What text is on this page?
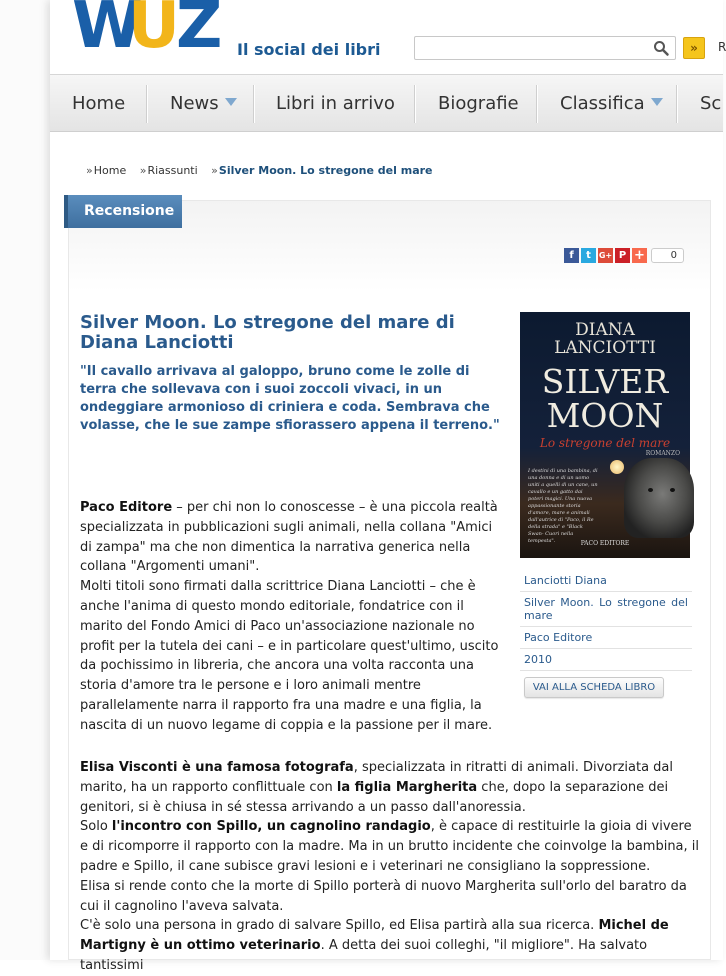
W
U
Z Il social dei libri	»	R
Home News	Libri in arrivo Biografie Classifica	Sc
»Home »Riassunti »Silver Moon. Lo stregone del mare
Recensione
f t G+ P +	0
Silver Moon. Lo stregone del mare di Diana Lanciotti

"Il cavallo arrivava al galoppo, bruno come le zolle di terra che sollevava con i suoi zoccoli vivaci, in un ondeggiare armonioso di criniera e coda. Sembrava che volasse, che le sue zampe sfiorassero appena il terreno."

DIANA
LANCIOTTI
SILVER
MOON
Lo stregone del mare
ROMANZO
I destini di una bambina, di una donna e di un uomo uniti a quelli di un cane, un cavallo e un gatto dai poteri magici. Una nuova appassionante storia d'amore, mare e animali dall'autrice di "Paco, il Re della strada" e "Black Swan- Cuori nella tempesta".	PACO EDITORE
Lanciotti Diana
Silver Moon. Lo stregone del mare
Paco Editore
2010
VAI ALLA SCHEDA LIBRO

Paco Editore – per chi non lo conoscesse – è una piccola realtà specializzata in pubblicazioni sugli animali, nella collana "Amici di zampa" ma che non dimentica la narrativa generica nella collana "Argomenti umani".

Molti titoli sono firmati dalla scrittrice Diana Lanciotti – che è anche l'anima di questo mondo editoriale, fondatrice con il marito del Fondo Amici di Paco un'associazione nazionale no profit per la tutela dei cani – e in particolare quest'ultimo, uscito da pochissimo in libreria, che ancora una volta racconta una storia d'amore tra le persone e i loro animali mentre parallelamente narra il rapporto fra una madre e una figlia, la nascita di un nuovo legame di coppia e la passione per il mare.

Elisa Visconti è una famosa fotografa, specializzata in ritratti di animali. Divorziata dal marito, ha un rapporto conflittuale con la figlia Margherita che, dopo la separazione dei genitori, si è chiusa in sé stessa arrivando a un passo dall'anoressia.

Solo l'incontro con Spillo, un cagnolino randagio, è capace di restituirle la gioia di vivere e di ricomporre il rapporto con la madre. Ma in un brutto incidente che coinvolge la bambina, il padre e Spillo, il cane subisce gravi lesioni e i veterinari ne consigliano la soppressione.

Elisa si rende conto che la morte di Spillo porterà di nuovo Margherita sull'orlo del baratro da cui il cagnolino l'aveva salvata.

C'è solo una persona in grado di salvare Spillo, ed Elisa partirà alla sua ricerca. Michel de Martigny è un ottimo veterinario. A detta dei suoi colleghi, "il migliore". Ha salvato tantissimi
